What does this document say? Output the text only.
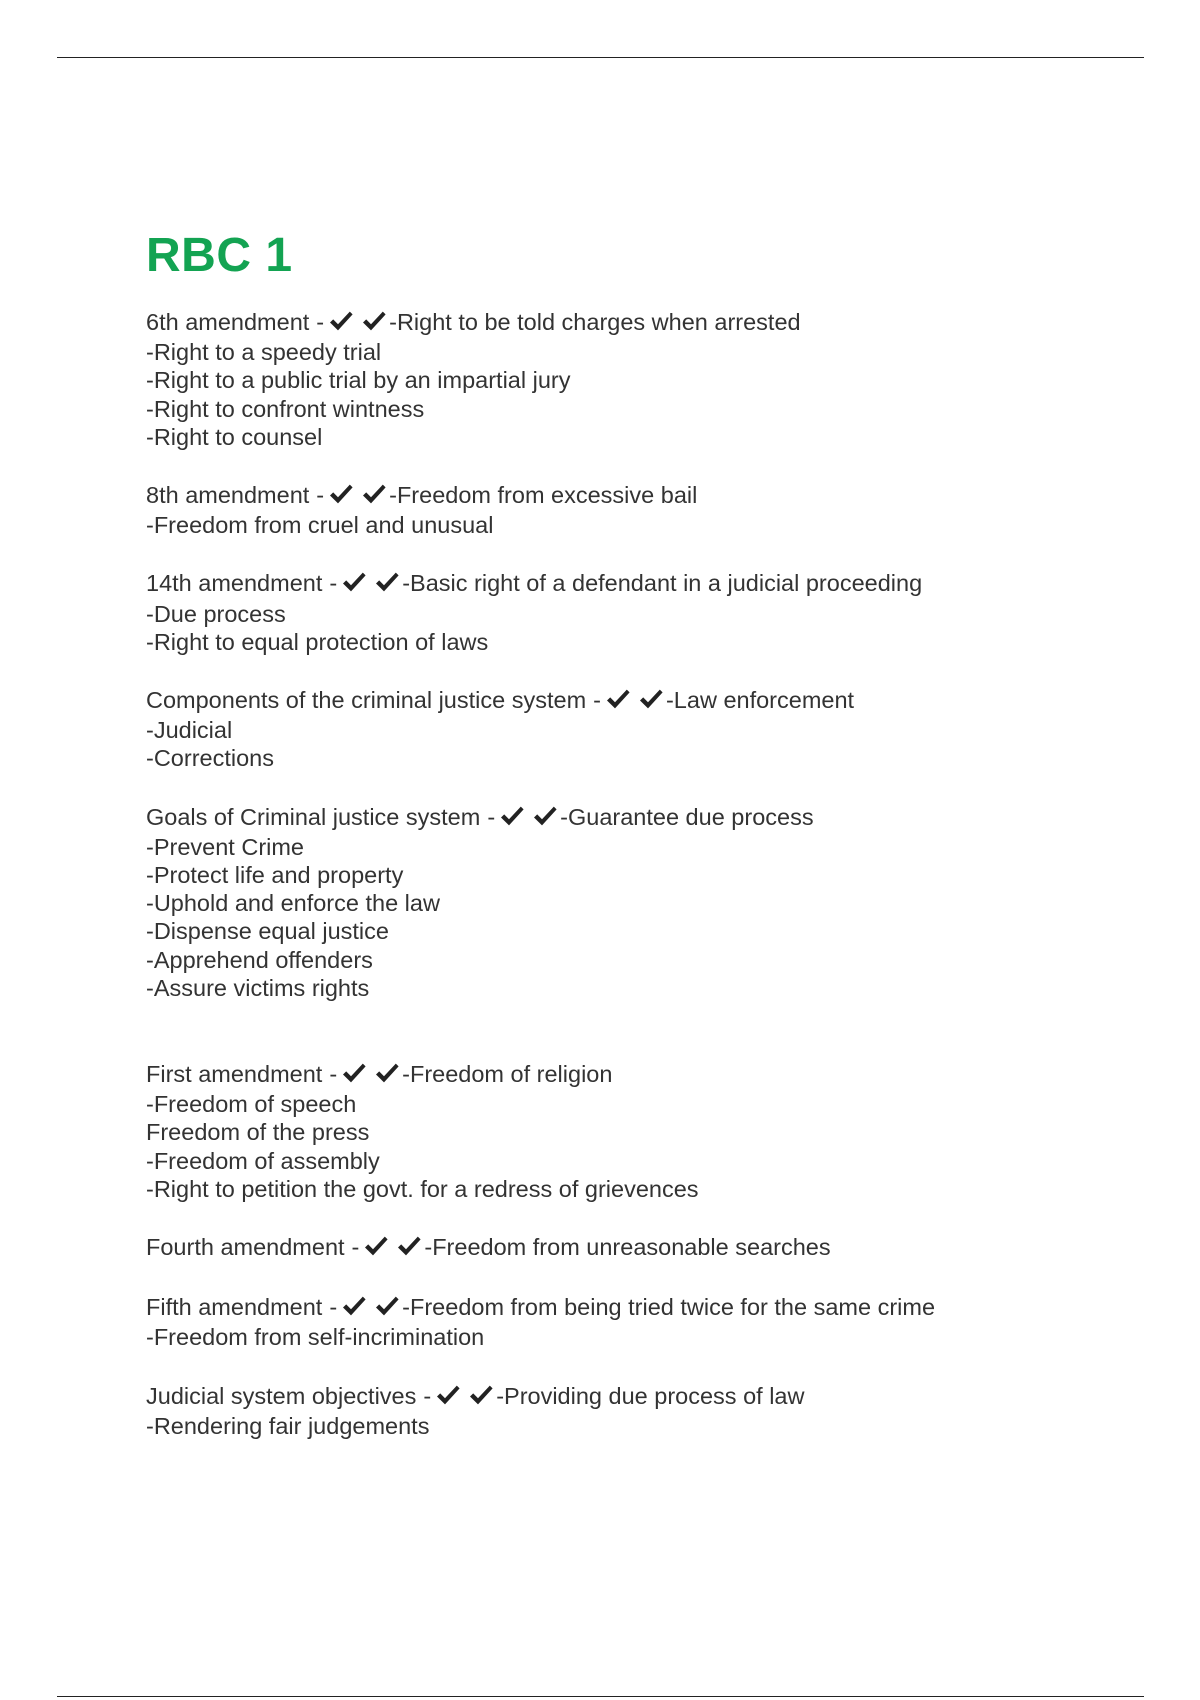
RBC 1
6th amendment -	-Right to be told charges when arrested
-Right to a speedy trial
-Right to a public trial by an impartial jury
-Right to confront wintness
-Right to counsel
8th amendment -	-Freedom from excessive bail
-Freedom from cruel and unusual
14th amendment -	-Basic right of a defendant in a judicial proceeding
-Due process
-Right to equal protection of laws
Components of the criminal justice system -	-Law enforcement
-Judicial
-Corrections
Goals of Criminal justice system -	-Guarantee due process
-Prevent Crime
-Protect life and property
-Uphold and enforce the law
-Dispense equal justice
-Apprehend offenders
-Assure victims rights
First amendment -	-Freedom of religion
-Freedom of speech
Freedom of the press
-Freedom of assembly
-Right to petition the govt. for a redress of grievences
Fourth amendment -	-Freedom from unreasonable searches
Fifth amendment -	-Freedom from being tried twice for the same crime
-Freedom from self-incrimination
Judicial system objectives -	-Providing due process of law
-Rendering fair judgements
